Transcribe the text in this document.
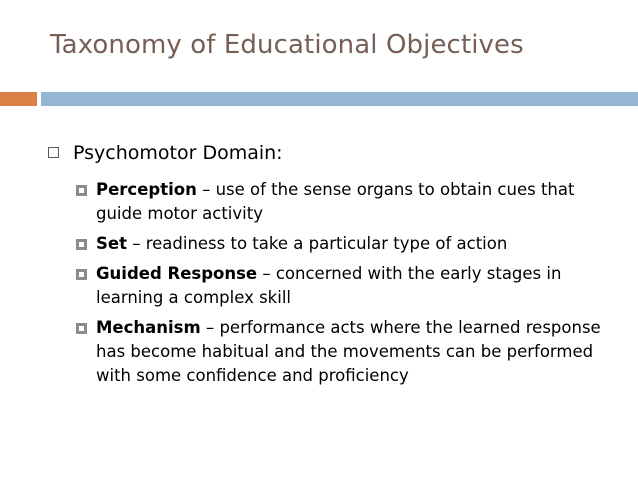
Taxonomy of Educational Objectives
Psychomotor Domain:
Perception – use of the sense organs to obtain cues that guide motor activity
Set – readiness to take a particular type of action
Guided Response – concerned with the early stages in learning a complex skill
Mechanism – performance acts where the learned response has become habitual and the movements can be performed with some confidence and proficiency
